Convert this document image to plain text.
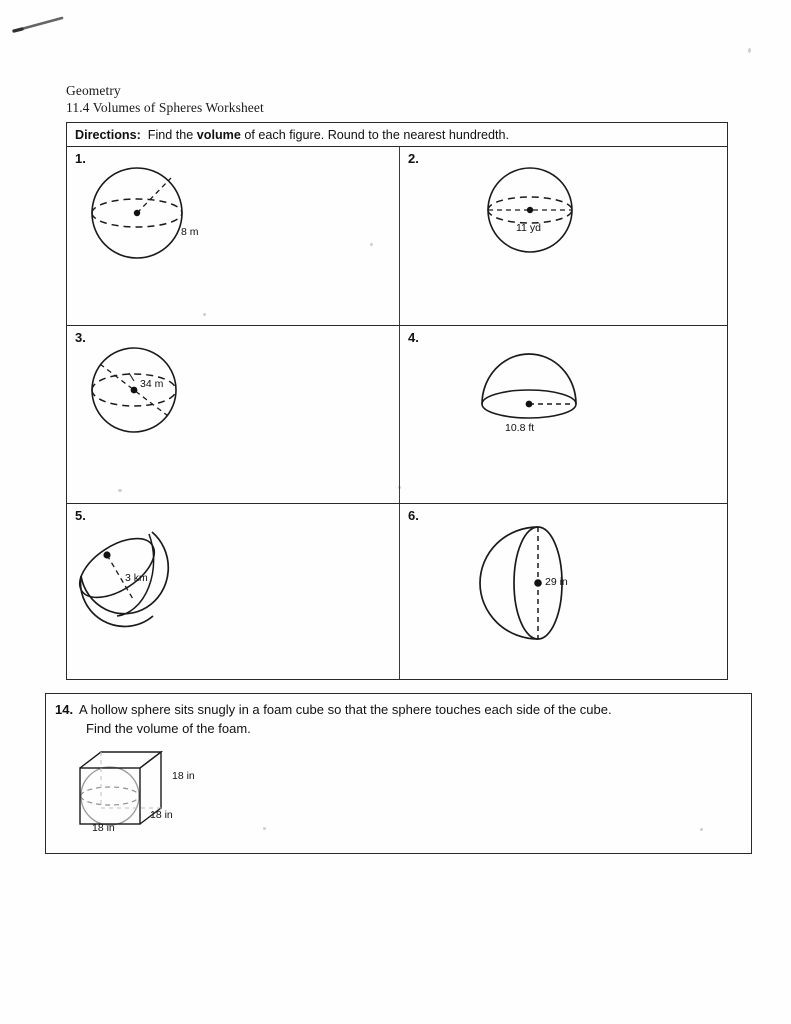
Geometry
11.4 Volumes of Spheres Worksheet
Directions: Find the volume of each figure. Round to the nearest hundredth.
1.
8 m
2.
11 yd
3.
34 m
4.
10.8 ft
5.
3 km
6.
29 in
14. A hollow sphere sits snugly in a foam cube so that the sphere touches each side of the cube.
Find the volume of the foam.
18 in
18 in
18 in
